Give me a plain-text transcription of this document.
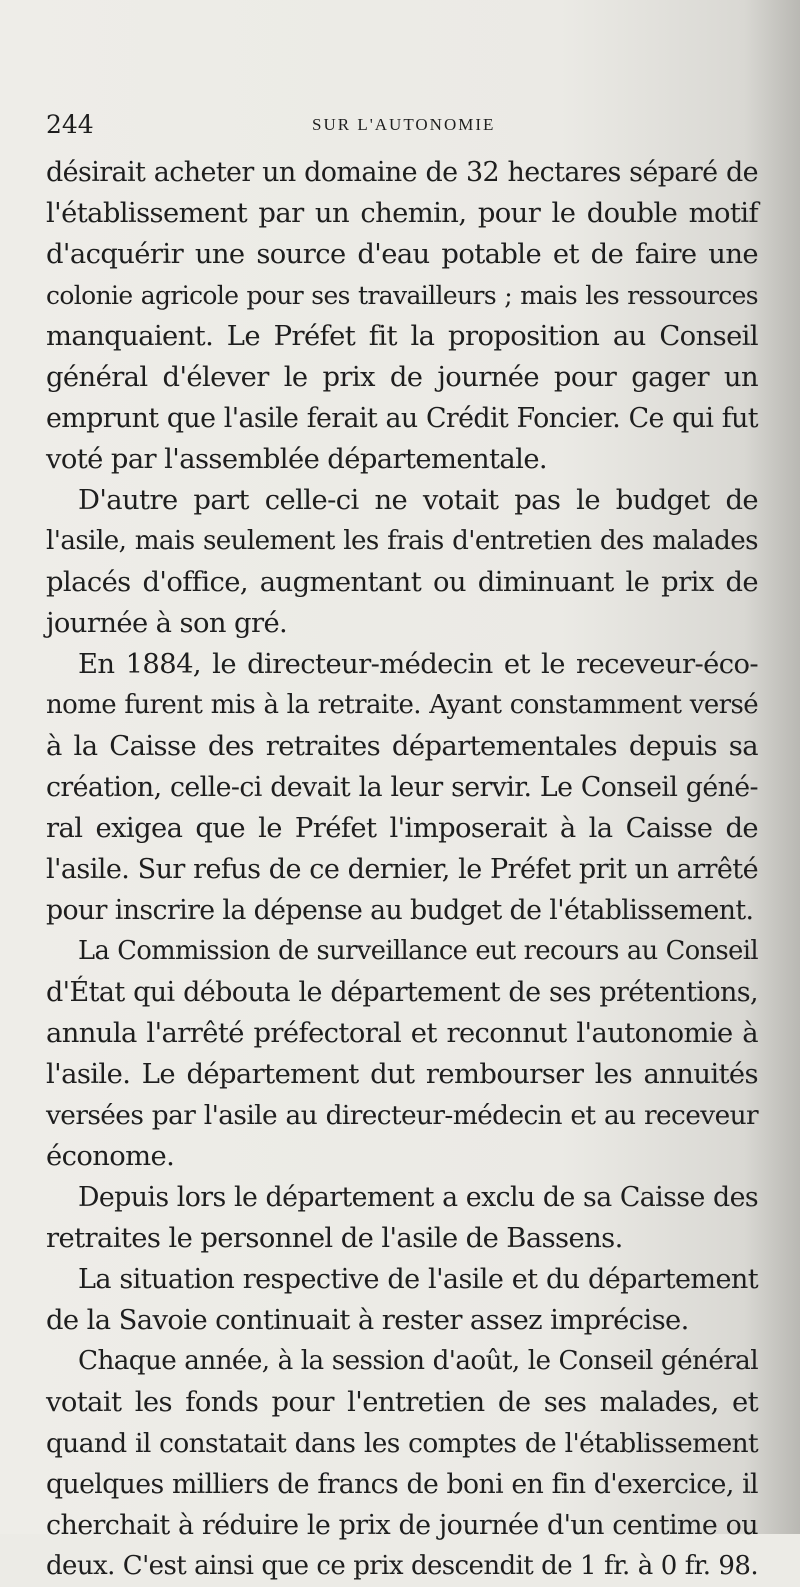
244	SUR L'AUTONOMIE
désirait acheter un domaine de 32 hectares séparé de
l'établissement par un chemin, pour le double motif
d'acquérir une source d'eau potable et de faire une
colonie agricole pour ses travailleurs ; mais les ressources
manquaient. Le Préfet fit la proposition au Conseil
général d'élever le prix de journée pour gager un
emprunt que l'asile ferait au Crédit Foncier. Ce qui fut
voté par l'assemblée départementale.
D'autre part celle-ci ne votait pas le budget de
l'asile, mais seulement les frais d'entretien des malades
placés d'office, augmentant ou diminuant le prix de
journée à son gré.
En 1884, le directeur-médecin et le receveur-éco-
nome furent mis à la retraite. Ayant constamment versé
à la Caisse des retraites départementales depuis sa
création, celle-ci devait la leur servir. Le Conseil géné-
ral exigea que le Préfet l'imposerait à la Caisse de
l'asile. Sur refus de ce dernier, le Préfet prit un arrêté
pour inscrire la dépense au budget de l'établissement.
La Commission de surveillance eut recours au Conseil
d'État qui débouta le département de ses prétentions,
annula l'arrêté préfectoral et reconnut l'autonomie à
l'asile. Le département dut rembourser les annuités
versées par l'asile au directeur-médecin et au receveur
économe.
Depuis lors le département a exclu de sa Caisse des
retraites le personnel de l'asile de Bassens.
La situation respective de l'asile et du département
de la Savoie continuait à rester assez imprécise.
Chaque année, à la session d'août, le Conseil général
votait les fonds pour l'entretien de ses malades, et
quand il constatait dans les comptes de l'établissement
quelques milliers de francs de boni en fin d'exercice, il
cherchait à réduire le prix de journée d'un centime ou
deux. C'est ainsi que ce prix descendit de 1 fr. à 0 fr. 98.
